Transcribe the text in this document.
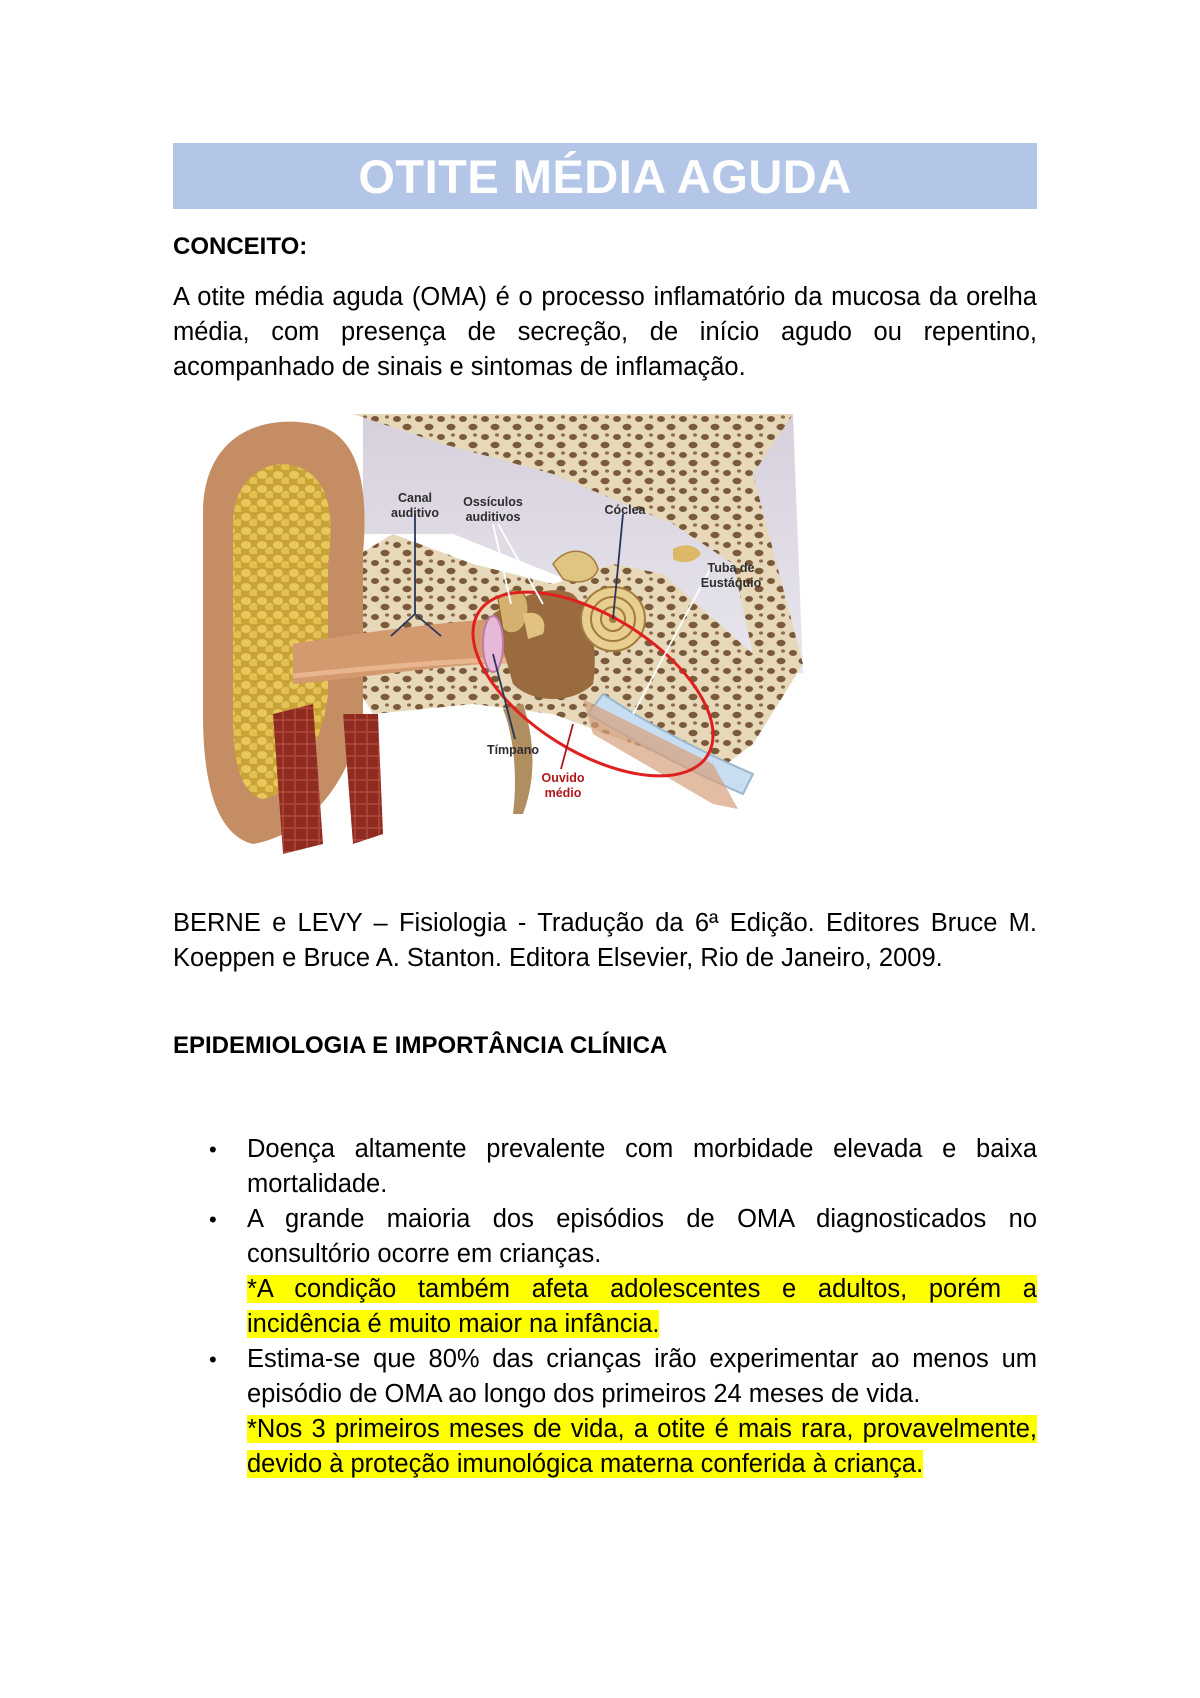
OTITE MÉDIA AGUDA
CONCEITO:
A otite média aguda (OMA) é o processo inflamatório da mucosa da orelha média, com presença de secreção, de início agudo ou repentino, acompanhado de sinais e sintomas de inflamação.
Canal
auditivo
Ossículos
auditivos	Cóclea
Tuba de
Eustáquio
Tímpano
Ouvido
médio
BERNE e LEVY – Fisiologia - Tradução da 6ª Edição. Editores Bruce M. Koeppen e Bruce A. Stanton. Editora Elsevier, Rio de Janeiro, 2009.
EPIDEMIOLOGIA E IMPORTÂNCIA CLÍNICA
• Doença altamente prevalente com morbidade elevada e baixa mortalidade.
• A grande maioria dos episódios de OMA diagnosticados no consultório ocorre em crianças.
*A condição também afeta adolescentes e adultos, porém a incidência é muito maior na infância.
• Estima-se que 80% das crianças irão experimentar ao menos um episódio de OMA ao longo dos primeiros 24 meses de vida.
*Nos 3 primeiros meses de vida, a otite é mais rara, provavelmente, devido à proteção imunológica materna conferida à criança.
